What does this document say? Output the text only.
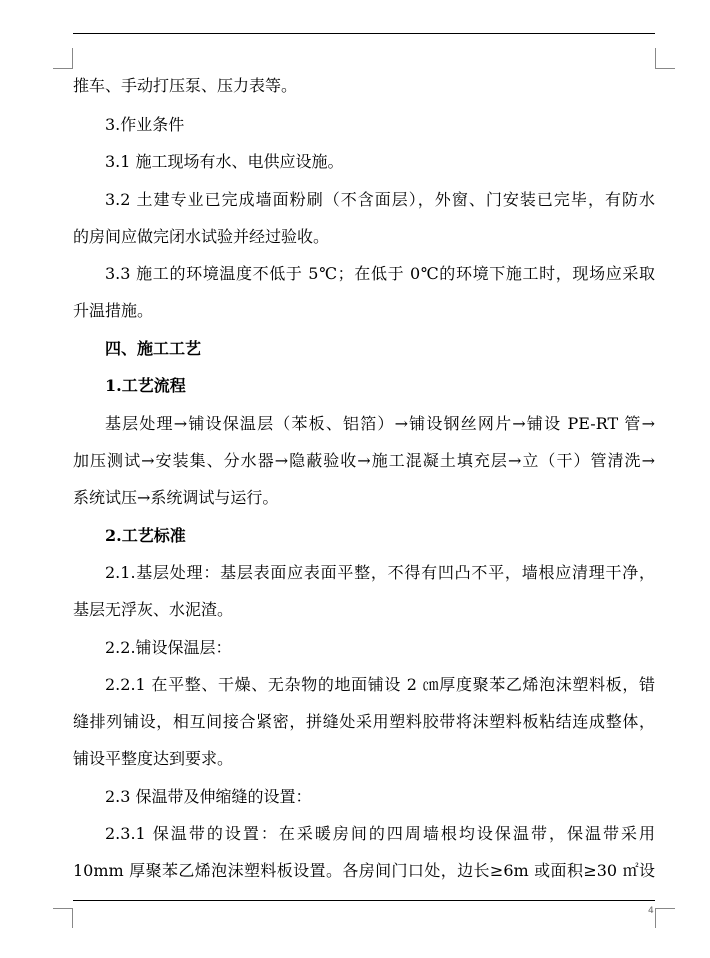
推车、手动打压泵、压力表等。
3.作业条件
3.1 施工现场有水、电供应设施。
3.2 土建专业已完成墙面粉刷（不含面层），外窗、门安装已完毕，有防水
的房间应做完闭水试验并经过验收。
3.3 施工的环境温度不低于 5℃；在低于 0℃的环境下施工时，现场应采取
升温措施。
四、施工工艺
1.工艺流程
基层处理→铺设保温层（苯板、铝箔）→铺设钢丝网片→铺设 PE-RT 管→
加压测试→安装集、分水器→隐蔽验收→施工混凝土填充层→立（干）管清洗→
系统试压→系统调试与运行。
2.工艺标准
2.1.基层处理：基层表面应表面平整，不得有凹凸不平，墙根应清理干净，
基层无浮灰、水泥渣。
2.2.铺设保温层：
2.2.1 在平整、干燥、无杂物的地面铺设 2 ㎝厚度聚苯乙烯泡沫塑料板，错
缝排列铺设，相互间接合紧密，拼缝处采用塑料胶带将沫塑料板粘结连成整体，
铺设平整度达到要求。
2.3 保温带及伸缩缝的设置：
2.3.1 保温带的设置：在采暖房间的四周墙根均设保温带，保温带采用
10mm 厚聚苯乙烯泡沫塑料板设置。各房间门口处，边长≥6m 或面积≥30 ㎡设
4
